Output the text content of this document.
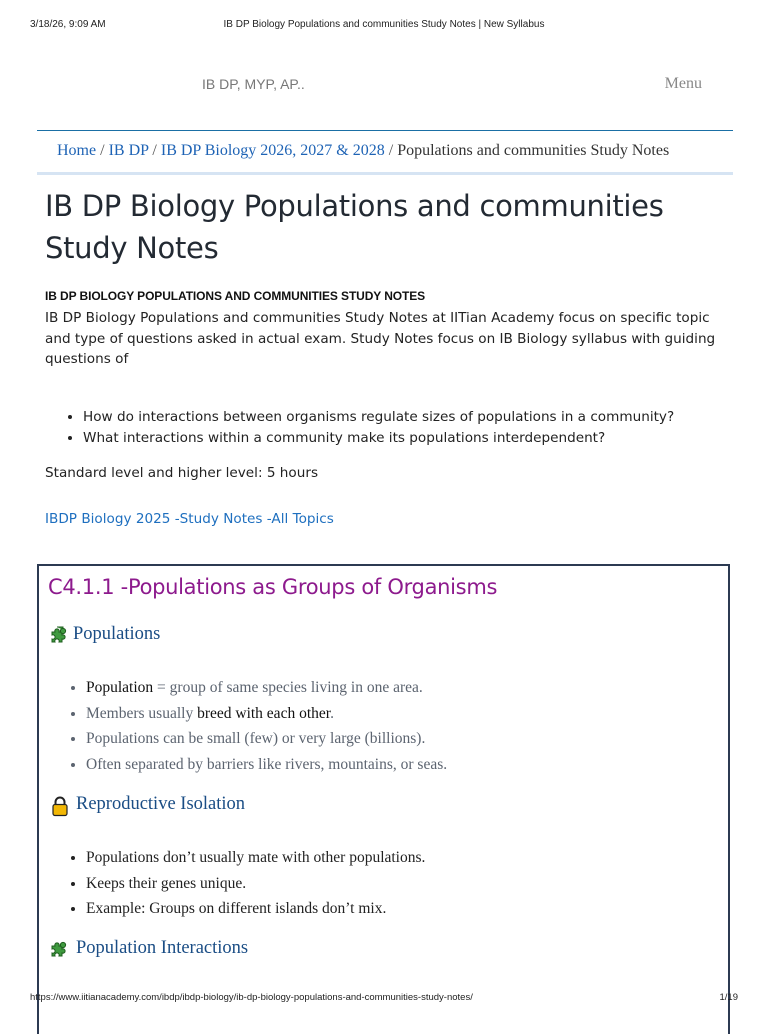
3/18/26, 9:09 AM	IB DP Biology Populations and communities Study Notes | New Syllabus
IB DP, MYP, AP..	Menu
Home / IB DP / IB DP Biology 2026, 2027 & 2028 / Populations and communities Study Notes
IB DP Biology Populations and communities Study Notes
IB DP BIOLOGY POPULATIONS AND COMMUNITIES STUDY NOTES

IB DP Biology Populations and communities Study Notes at IITian Academy focus on specific topic and type of questions asked in actual exam. Study Notes focus on IB Biology syllabus with guiding questions of

• How do interactions between organisms regulate sizes of populations in a community?
• What interactions within a community make its populations interdependent?
Standard level and higher level: 5 hours
IBDP Biology 2025 -Study Notes -All Topics
C4.1.1 -Populations as Groups of Organisms
Populations
• Population = group of same species living in one area.
• Members usually breed with each other.
• Populations can be small (few) or very large (billions).
• Often separated by barriers like rivers, mountains, or seas.
Reproductive Isolation
• Populations don’t usually mate with other populations.
• Keeps their genes unique.
• Example: Groups on different islands don’t mix.
Population Interactions
https://www.iitianacademy.com/ibdp/ibdp-biology/ib-dp-biology-populations-and-communities-study-notes/	1/19
